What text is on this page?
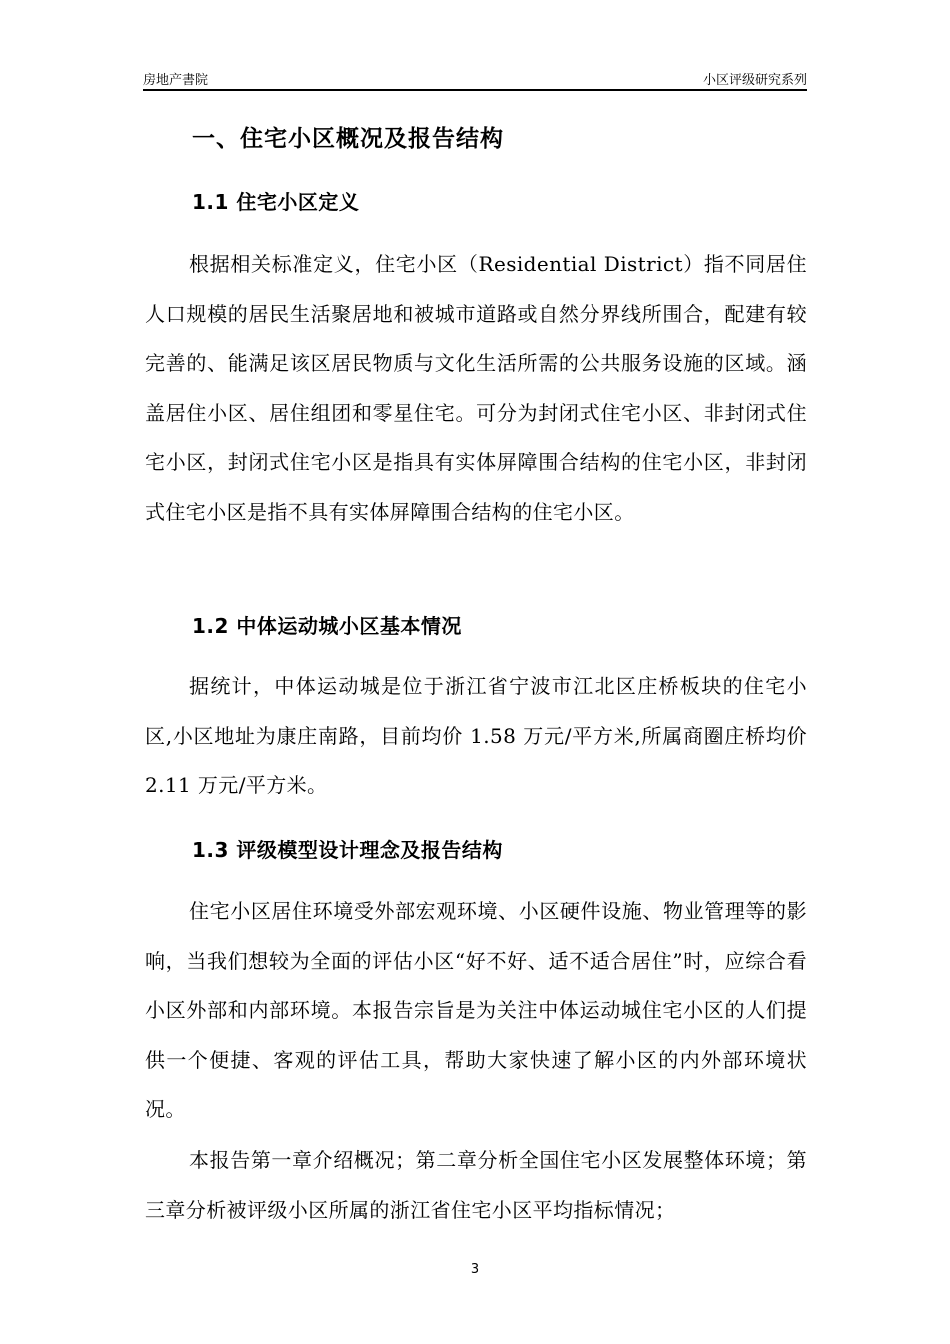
房地产書院	小区评级研究系列
一、住宅小区概况及报告结构
1.1 住宅小区定义
根据相关标准定义，住宅小区（Residential District）指不同居住人口规模的居民生活聚居地和被城市道路或自然分界线所围合，配建有较完善的、能满足该区居民物质与文化生活所需的公共服务设施的区域。涵盖居住小区、居住组团和零星住宅。可分为封闭式住宅小区、非封闭式住宅小区，封闭式住宅小区是指具有实体屏障围合结构的住宅小区，非封闭式住宅小区是指不具有实体屏障围合结构的住宅小区。
1.2 中体运动城小区基本情况
据统计，中体运动城是位于浙江省宁波市江北区庄桥板块的住宅小区,小区地址为康庄南路，目前均价 1.58 万元/平方米,所属商圈庄桥均价 2.11 万元/平方米。
1.3 评级模型设计理念及报告结构
住宅小区居住环境受外部宏观环境、小区硬件设施、物业管理等的影响，当我们想较为全面的评估小区“好不好、适不适合居住”时，应综合看小区外部和内部环境。本报告宗旨是为关注中体运动城住宅小区的人们提供一个便捷、客观的评估工具，帮助大家快速了解小区的内外部环境状况。
本报告第一章介绍概况；第二章分析全国住宅小区发展整体环境；第三章分析被评级小区所属的浙江省住宅小区平均指标情况；
3
